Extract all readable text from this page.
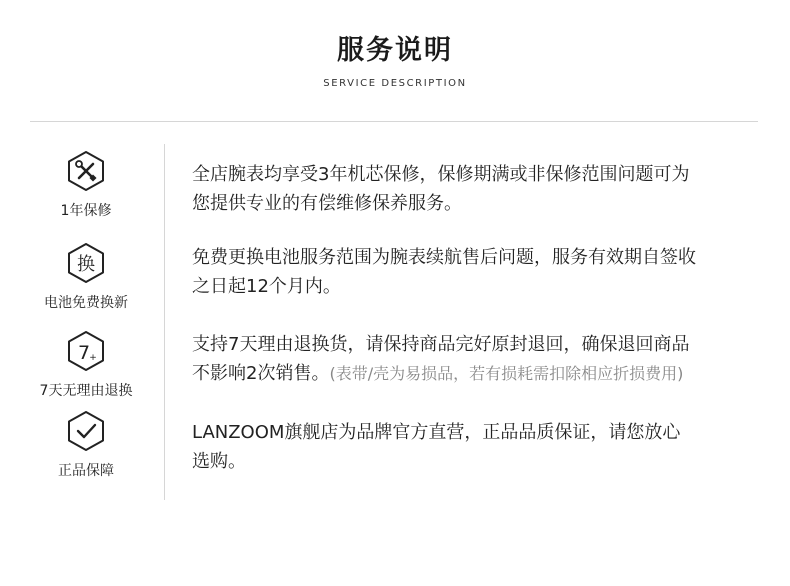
服务说明
SERVICE DESCRIPTION
1年保修
换
电池免费换新
7 +
7天无理由退换
正品保障
全店腕表均享受3年机芯保修，保修期满或非保修范围问题可为
您提供专业的有偿维修保养服务。
免费更换电池服务范围为腕表续航售后问题，服务有效期自签收
之日起12个月内。
支持7天理由退换货，请保持商品完好原封退回，确保退回商品
不影响2次销售。(表带/壳为易损品，若有损耗需扣除相应折损费用)
LANZOOM旗舰店为品牌官方直营，正品品质保证，请您放心
选购。
